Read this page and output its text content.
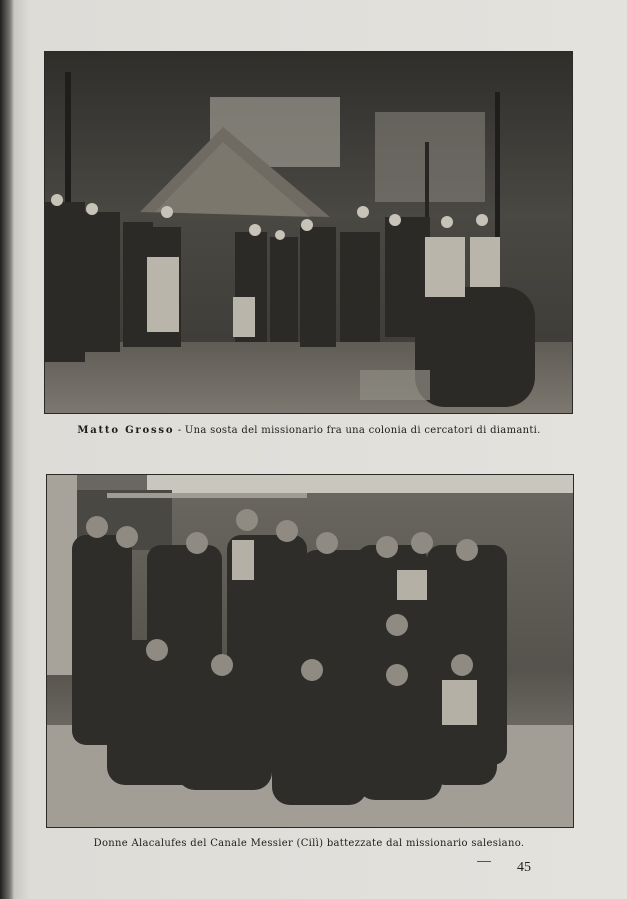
Matto Grosso - Una sosta del missionario fra una colonia di cercatori di diamanti.
Donne Alacalufes del Canale Messier (Cilì) battezzate dal missionario salesiano.
45
